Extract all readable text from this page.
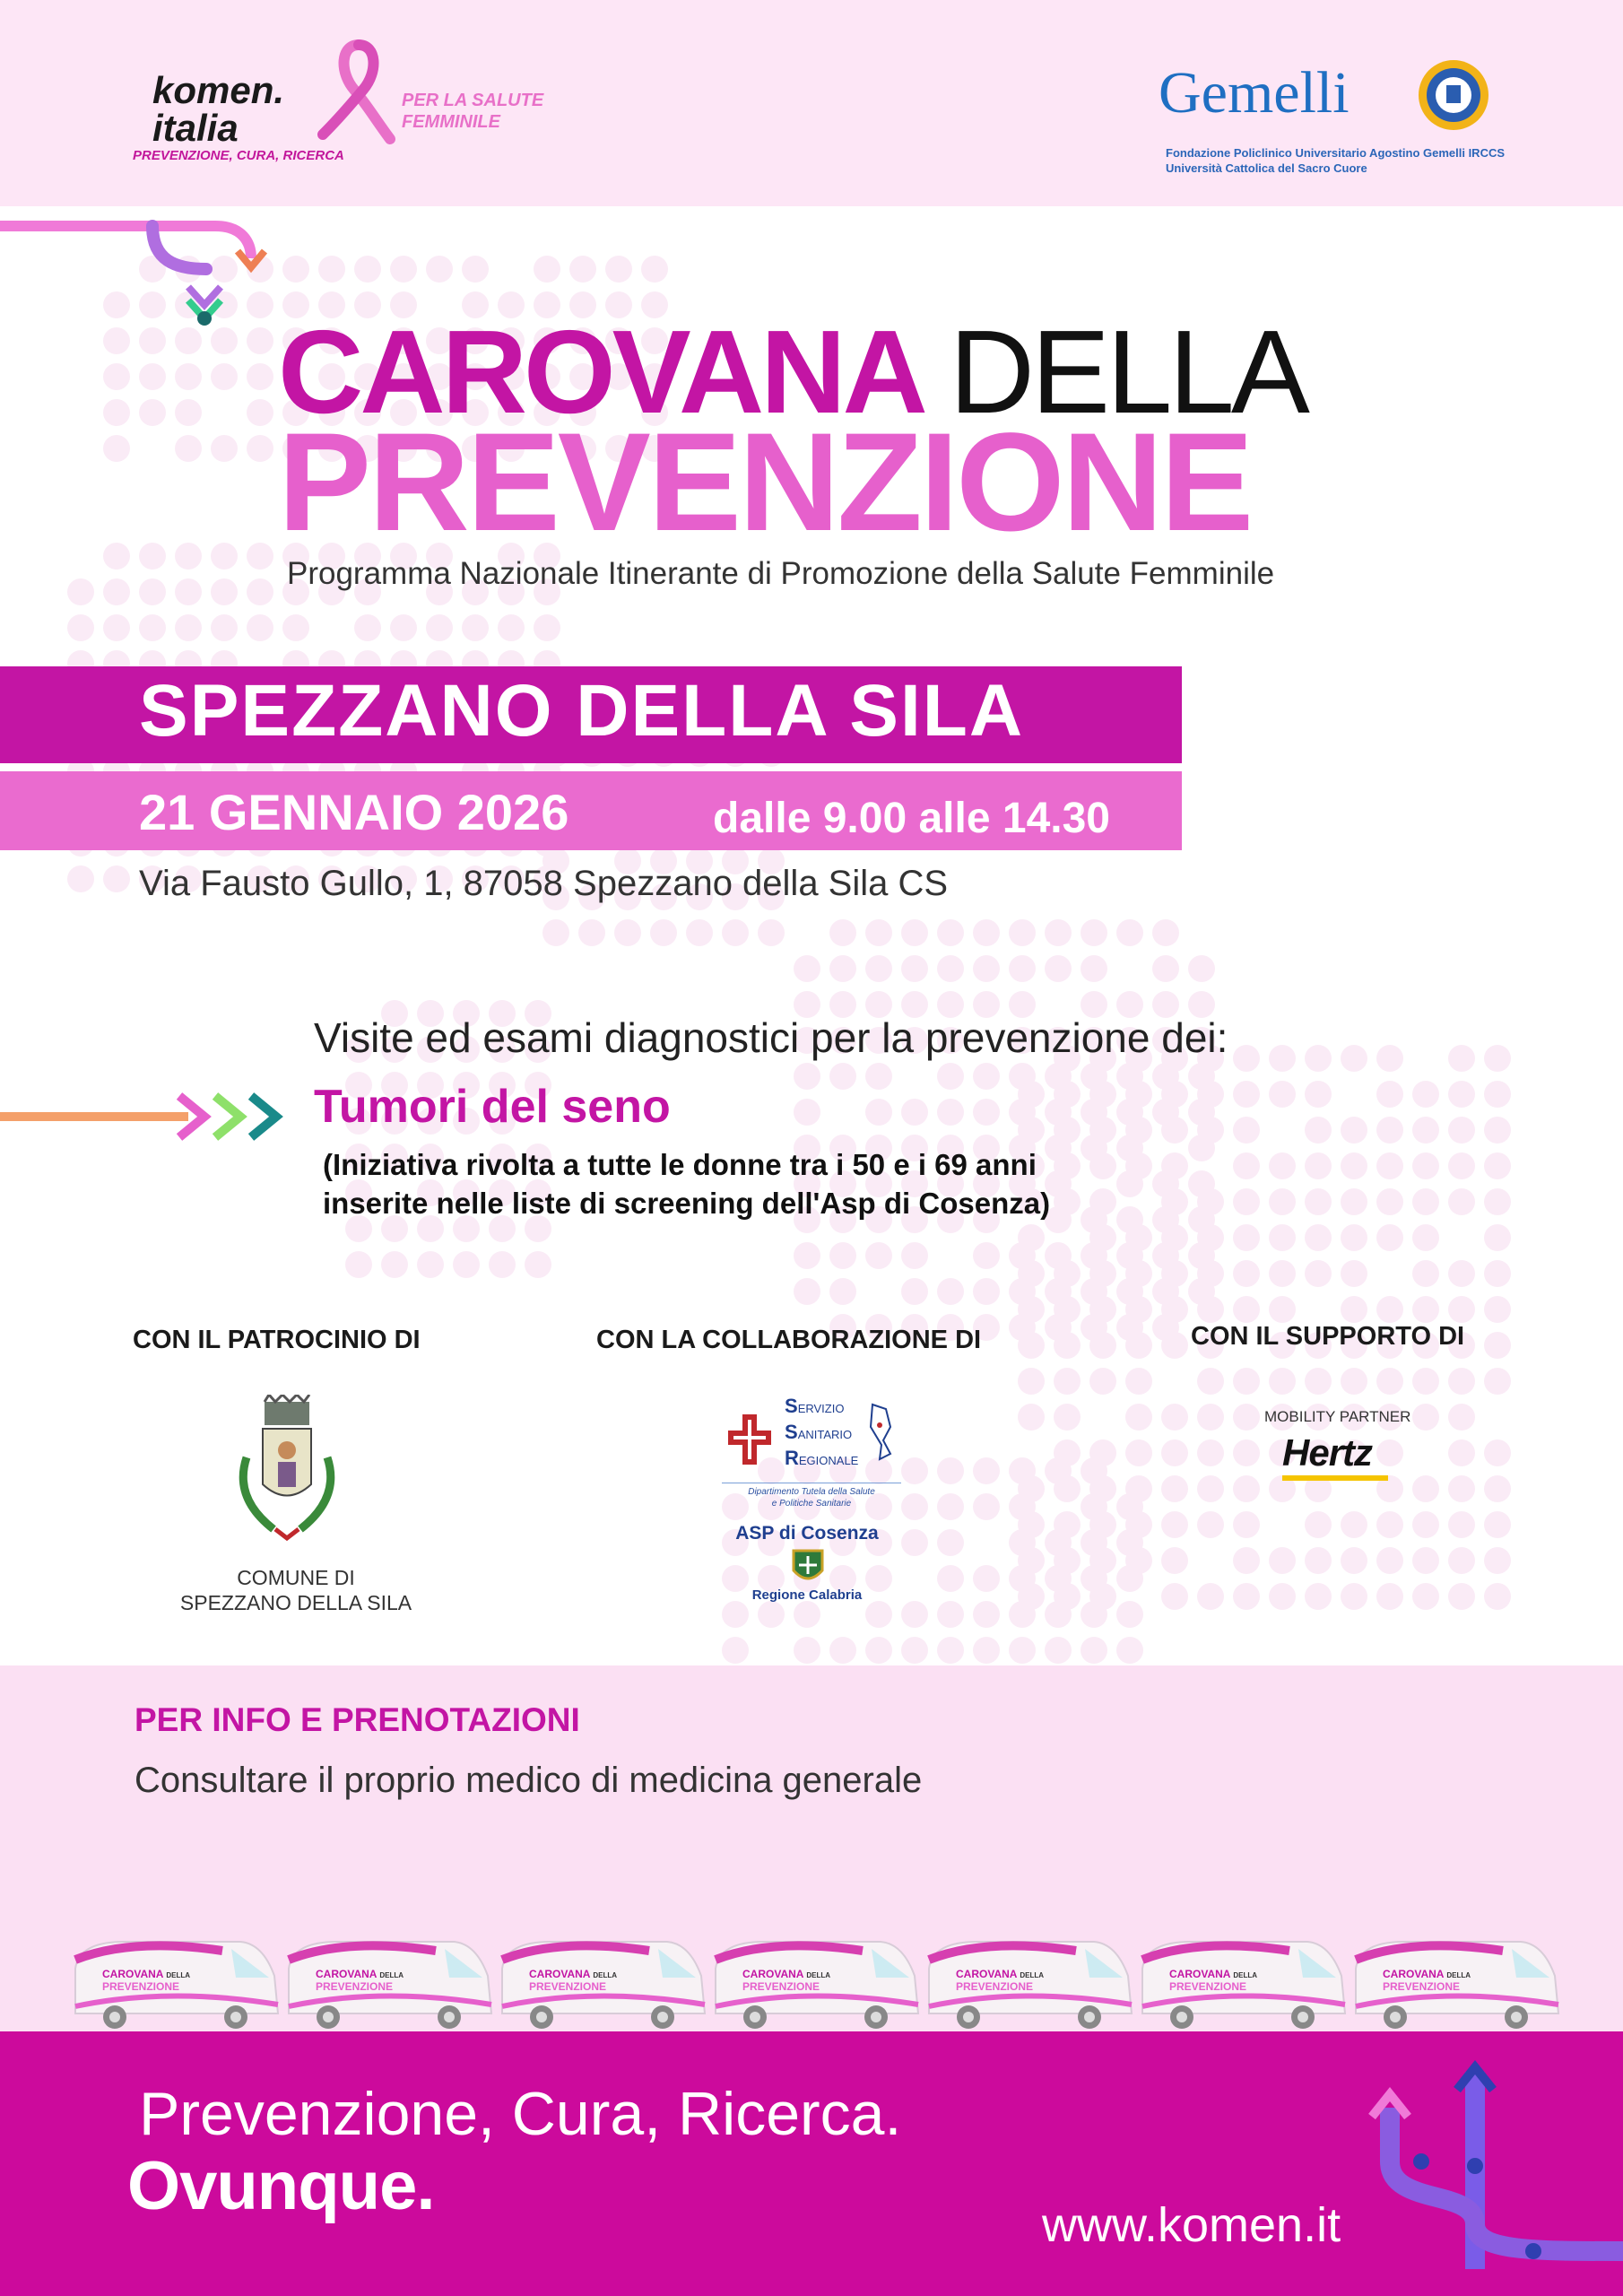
komen. italia
PREVENZIONE, CURA, RICERCA
PER LA SALUTE FEMMINILE	Gemelli
Fondazione Policlinico Universitario Agostino Gemelli IRCCS
Università Cattolica del Sacro Cuore
CAROVANA DELLA
PREVENZIONE
Programma Nazionale Itinerante di Promozione della Salute Femminile
SPEZZANO DELLA SILA
21 GENNAIO 2026	dalle 9.00 alle 14.30
Via Fausto Gullo, 1, 87058 Spezzano della Sila CS
Visite ed esami diagnostici per la prevenzione dei:
Tumori del seno
(Iniziativa rivolta a tutte le donne tra i 50 e i 69 anni
inserite nelle liste di screening dell'Asp di Cosenza)
CON IL PATROCINIO DI
COMUNE DI
SPEZZANO DELLA SILA
CON LA COLLABORAZIONE DI
SERVIZIO
SANITARIO
REGIONALE
Dipartimento Tutela della Salute
e Politiche Sanitarie
ASP di Cosenza
Regione Calabria
CON IL SUPPORTO DI
MOBILITY PARTNER
Hertz
PER INFO E PRENOTAZIONI
Consultare il proprio medico di medicina generale
CAROVANA DELLA
PREVENZIONE
CAROVANA DELLA
PREVENZIONE
CAROVANA DELLA
PREVENZIONE
CAROVANA DELLA
PREVENZIONE
CAROVANA DELLA
PREVENZIONE
CAROVANA DELLA
PREVENZIONE
CAROVANA DELLA
PREVENZIONE
Prevenzione, Cura, Ricerca.
Ovunque.
www.komen.it
